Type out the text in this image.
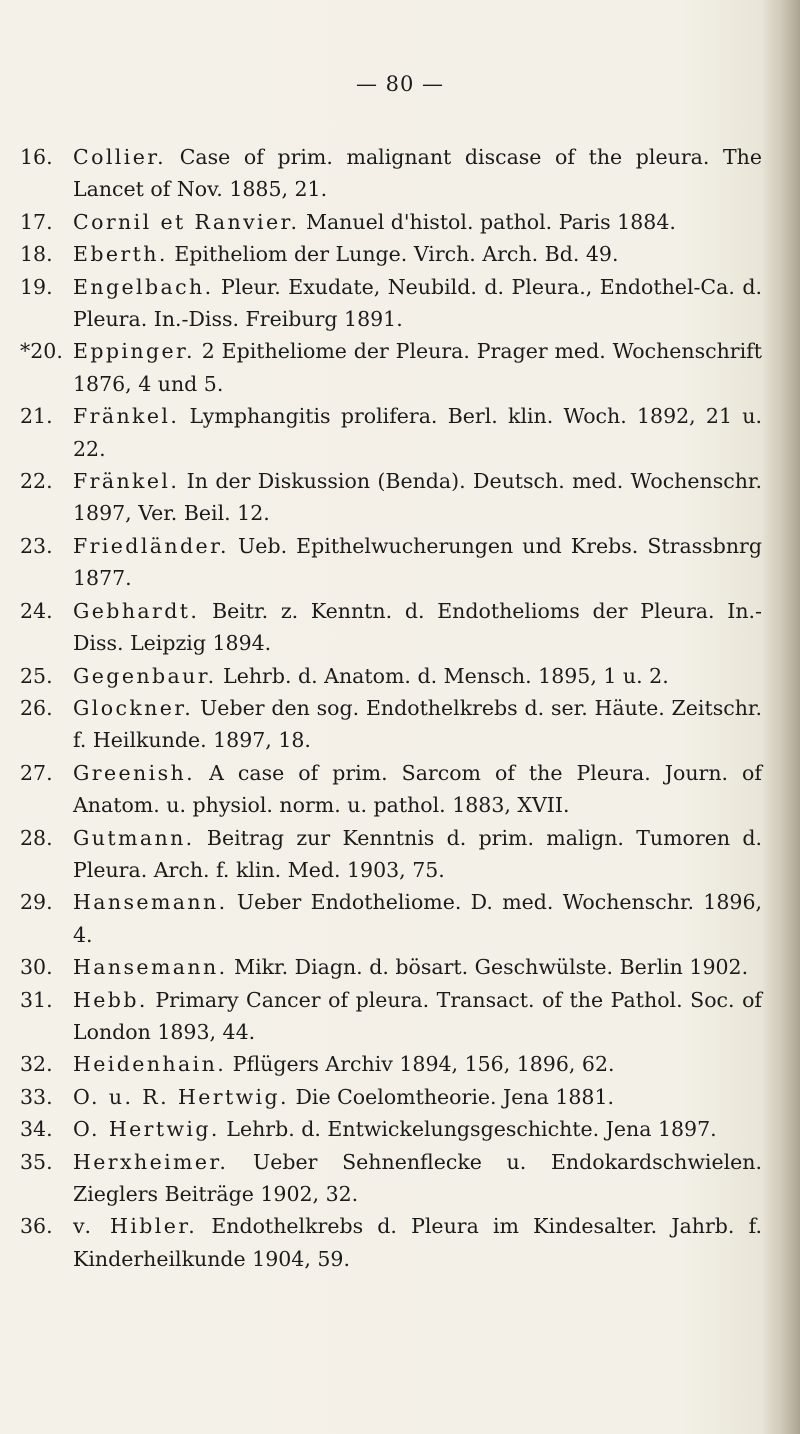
— 80 —
16. Collier. Case of prim. malignant discase of the pleura. The Lancet of Nov. 1885, 21.
17. Cornil et Ranvier. Manuel d'histol. pathol. Paris 1884.
18. Eberth. Epitheliom der Lunge. Virch. Arch. Bd. 49.
19. Engelbach. Pleur. Exudate, Neubild. d. Pleura., Endothel-Ca. d. Pleura. In.-Diss. Freiburg 1891.
*20. Eppinger. 2 Epitheliome der Pleura. Prager med. Wochenschrift 1876, 4 und 5.
21. Fränkel. Lymphangitis prolifera. Berl. klin. Woch. 1892, 21 u. 22.
22. Fränkel. In der Diskussion (Benda). Deutsch. med. Wochenschr. 1897, Ver. Beil. 12.
23. Friedländer. Ueb. Epithelwucherungen und Krebs. Strassbnrg 1877.
24. Gebhardt. Beitr. z. Kenntn. d. Endothelioms der Pleura. In.-Diss. Leipzig 1894.
25. Gegenbaur. Lehrb. d. Anatom. d. Mensch. 1895, 1 u. 2.
26. Glockner. Ueber den sog. Endothelkrebs d. ser. Häute. Zeitschr. f. Heilkunde. 1897, 18.
27. Greenish. A case of prim. Sarcom of the Pleura. Journ. of Anatom. u. physiol. norm. u. pathol. 1883, XVII.
28. Gutmann. Beitrag zur Kenntnis d. prim. malign. Tumoren d. Pleura. Arch. f. klin. Med. 1903, 75.
29. Hansemann. Ueber Endotheliome. D. med. Wochenschr. 1896, 4.
30. Hansemann. Mikr. Diagn. d. bösart. Geschwülste. Berlin 1902.
31. Hebb. Primary Cancer of pleura. Transact. of the Pathol. Soc. of London 1893, 44.
32. Heidenhain. Pflügers Archiv 1894, 156, 1896, 62.
33. O. u. R. Hertwig. Die Coelomtheorie. Jena 1881.
34. O. Hertwig. Lehrb. d. Entwickelungsgeschichte. Jena 1897.
35. Herxheimer. Ueber Sehnenflecke u. Endokardschwielen. Zieglers Beiträge 1902, 32.
36. v. Hibler. Endothelkrebs d. Pleura im Kindesalter. Jahrb. f. Kinderheilkunde 1904, 59.
